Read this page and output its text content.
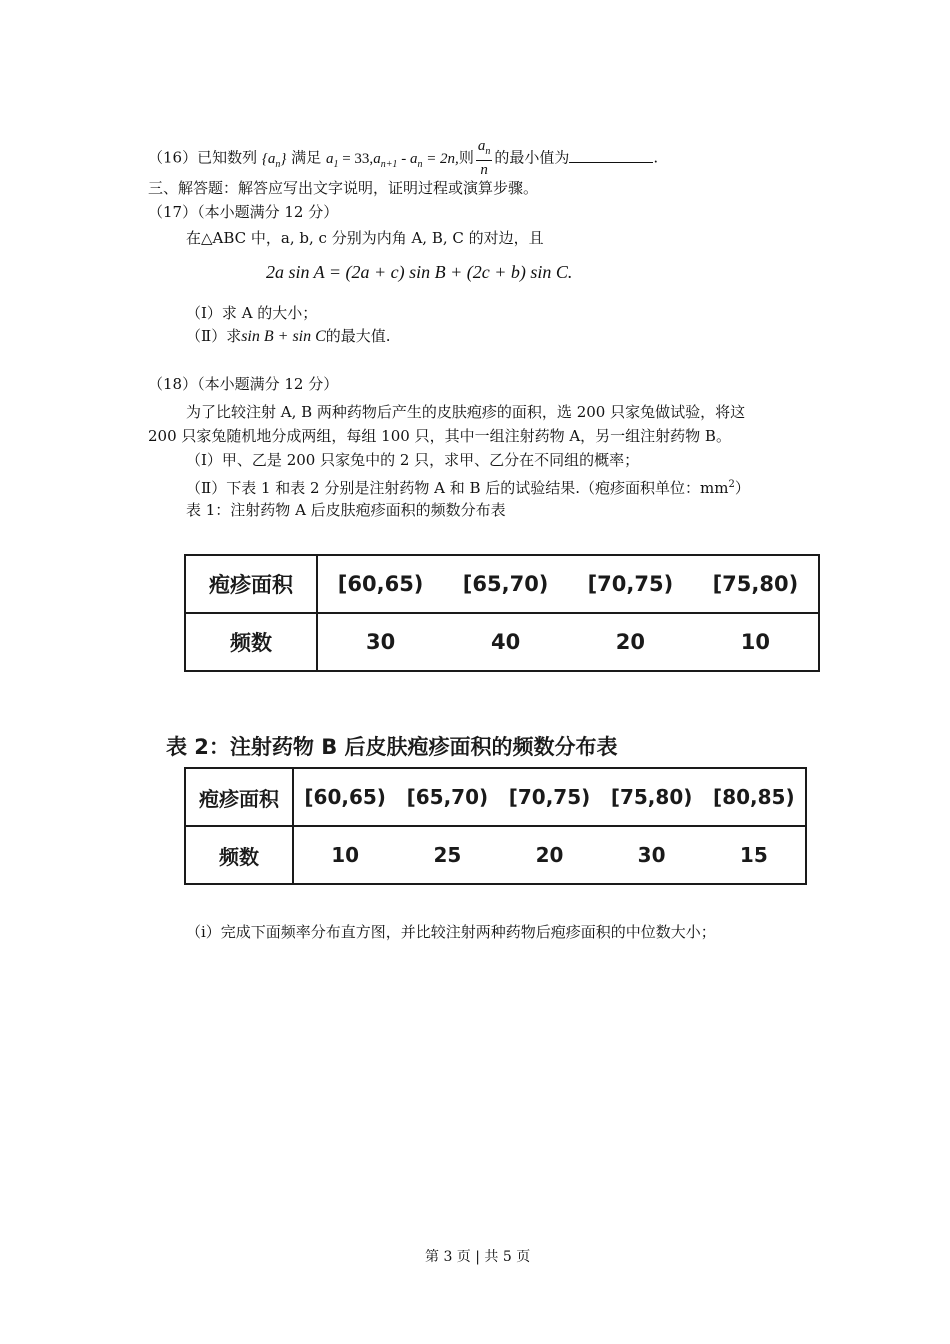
（16）已知数列 $\{a_n\}$ 满足 $a_1 = 33,a_{n+1} - a_n = 2n$,则 $\frac{a_n}{n}$ 的最小值为	.
三、解答题：解答应写出文字说明，证明过程或演算步骤。
（17）（本小题满分 12 分）
在△ABC 中，a, b, c 分别为内角 A, B, C 的对边，且
2a sin A = (2a + c) sin B + (2c + b) sin C.
（Ⅰ）求 A 的大小；
（Ⅱ）求sin B + sin C的最大值.
（18）（本小题满分 12 分）
为了比较注射 A, B 两种药物后产生的皮肤疱疹的面积，选 200 只家兔做试验，将这
200 只家兔随机地分成两组，每组 100 只，其中一组注射药物 A，另一组注射药物 B。
（Ⅰ）甲、乙是 200 只家兔中的 2 只，求甲、乙分在不同组的概率；
（Ⅱ）下表 1 和表 2 分别是注射药物 A 和 B 后的试验结果.（疱疹面积单位：$mm^2$）
表 1：注射药物 A 后皮肤疱疹面积的频数分布表
疱疹面积	[60,65)	[65,70)	[70,75)	[75,80)
频数	30	40	20	10
表 2：注射药物 B 后皮肤疱疹面积的频数分布表
疱疹面积	[60,65)	[65,70)	[70,75)	[75,80)	[80,85)
频数	10	25	20	30	15
（ⅰ）完成下面频率分布直方图，并比较注射两种药物后疱疹面积的中位数大小；
第 3 页 | 共 5 页
